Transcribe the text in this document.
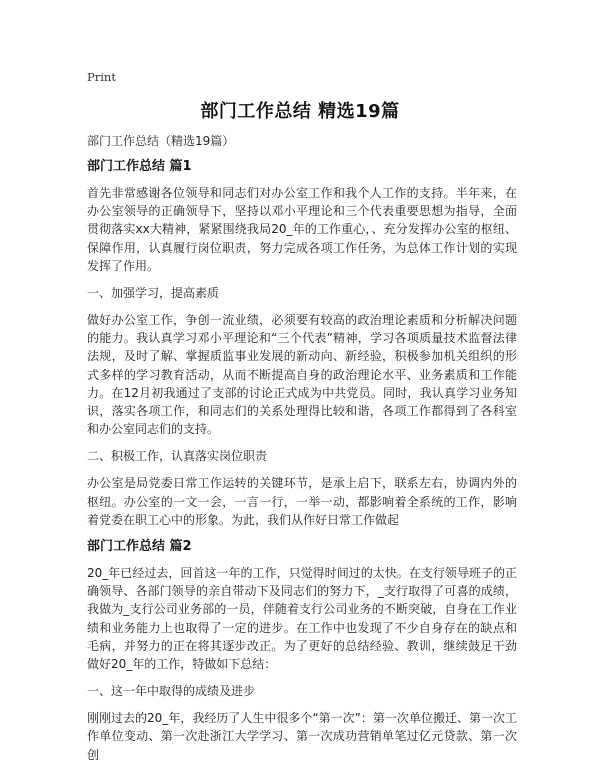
Print
部门工作总结 精选19篇

部门工作总结（精选19篇）

部门工作总结 篇1

首先非常感谢各位领导和同志们对办公室工作和我个人工作的支持。半年来，在办公室领导的正确领导下，坚持以邓小平理论和三个代表重要思想为指导，全面贯彻落实xx大精神，紧紧围绕我局20_年的工作重心，、充分发挥办公室的枢纽、保障作用，认真履行岗位职责，努力完成各项工作任务，为总体工作计划的实现发挥了作用。

一、加强学习，提高素质

做好办公室工作，争创一流业绩，必须要有较高的政治理论素质和分析解决问题的能力。我认真学习邓小平理论和“三个代表”精神，学习各项质量技术监督法律法规，及时了解、掌握质监事业发展的新动向、新经验，积极参加机关组织的形式多样的学习教育活动，从而不断提高自身的政治理论水平、业务素质和工作能力。在12月初我通过了支部的讨论正式成为中共党员。同时，我认真学习业务知识，落实各项工作，和同志们的关系处理得比较和谐，各项工作都得到了各科室和办公室同志们的支持。

二、积极工作，认真落实岗位职责

办公室是局党委日常工作运转的关键环节，是承上启下，联系左右，协调内外的枢纽。办公室的一文一会，一言一行，一举一动，都影响着全系统的工作，影响着党委在职工心中的形象。为此，我们从作好日常工作做起

部门工作总结 篇2

20_年已经过去，回首这一年的工作，只觉得时间过的太快。在支行领导班子的正确领导、各部门领导的亲自带动下及同志们的努力下，_支行取得了可喜的成绩，我做为_支行公司业务部的一员，伴随着支行公司业务的不断突破，自身在工作业绩和业务能力上也取得了一定的进步。在工作中也发现了不少自身存在的缺点和毛病，并努力的正在将其逐步改正。为了更好的总结经验、教训，继续鼓足干劲做好20_年的工作，特做如下总结：

一、这一年中取得的成绩及进步

刚刚过去的20_年，我经历了人生中很多个“第一次”：第一次单位搬迁、第一次工作单位变动、第一次赴浙江大学学习、第一次成功营销单笔过亿元贷款、第一次创
